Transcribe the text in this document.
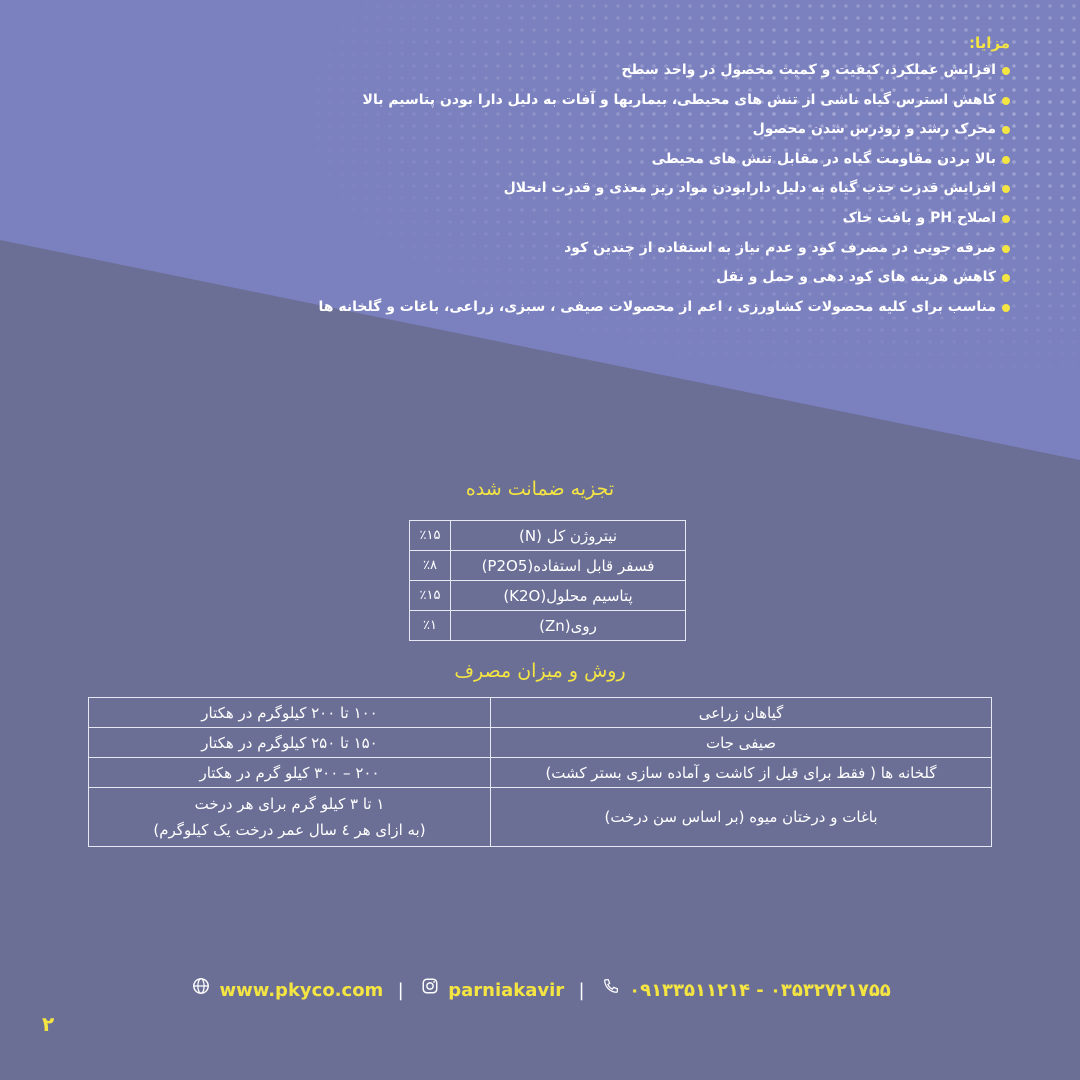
مزایا:
افزایش عملکرد، کیفیت و کمیت محصول در واحد سطح
کاهش استرس گیاه ناشی از تنش های محیطی، بیماریها و آفات به دلیل دارا بودن پتاسیم بالا
محرک رشد و زودرس شدن محصول
بالا بردن مقاومت گیاه در مقابل تنش های محیطی
افزایش قدرت جذب گیاه به دلیل دارابودن مواد ریز معذی و قدرت انحلال
اصلاح PH و بافت خاک
صرفه جویی در مصرف کود و عدم نیاز به استفاده از چندین کود
کاهش هزینه های کود دهی و حمل و نقل
مناسب برای کلیه محصولات کشاورزی ، اعم از محصولات صیفی ، سبزی، زراعی، باغات و گلخانه ها
تجزیه ضمانت شده
نیتروژن کل (N)	٪۱۵
فسفر قابل استفاده(P2O5)	٪۸
پتاسیم محلول(K2O)	٪۱۵
روی(Zn)	٪۱
روش و میزان مصرف
گیاهان زراعی	۱۰۰ تا ۲۰۰ کیلوگرم در هکتار
صیفی جات	۱۵۰ تا ۲۵۰ کیلوگرم در هکتار
گلخانه ها ( فقط برای قبل از کاشت و آماده سازی بستر کشت)	۲۰۰ – ۳۰۰ کیلو گرم در هکتار
باغات و درختان میوه (بر اساس سن درخت)	۱ تا ۳ کیلو گرم برای هر درخت
(به ازای هر ٤ سال عمر درخت یک کیلوگرم)
www.pkyco.com | parniakavir | ۰۹۱۳۳۵۱۱۲۱۴ - ۰۳۵۳۲۷۲۱۷۵۵
۲
